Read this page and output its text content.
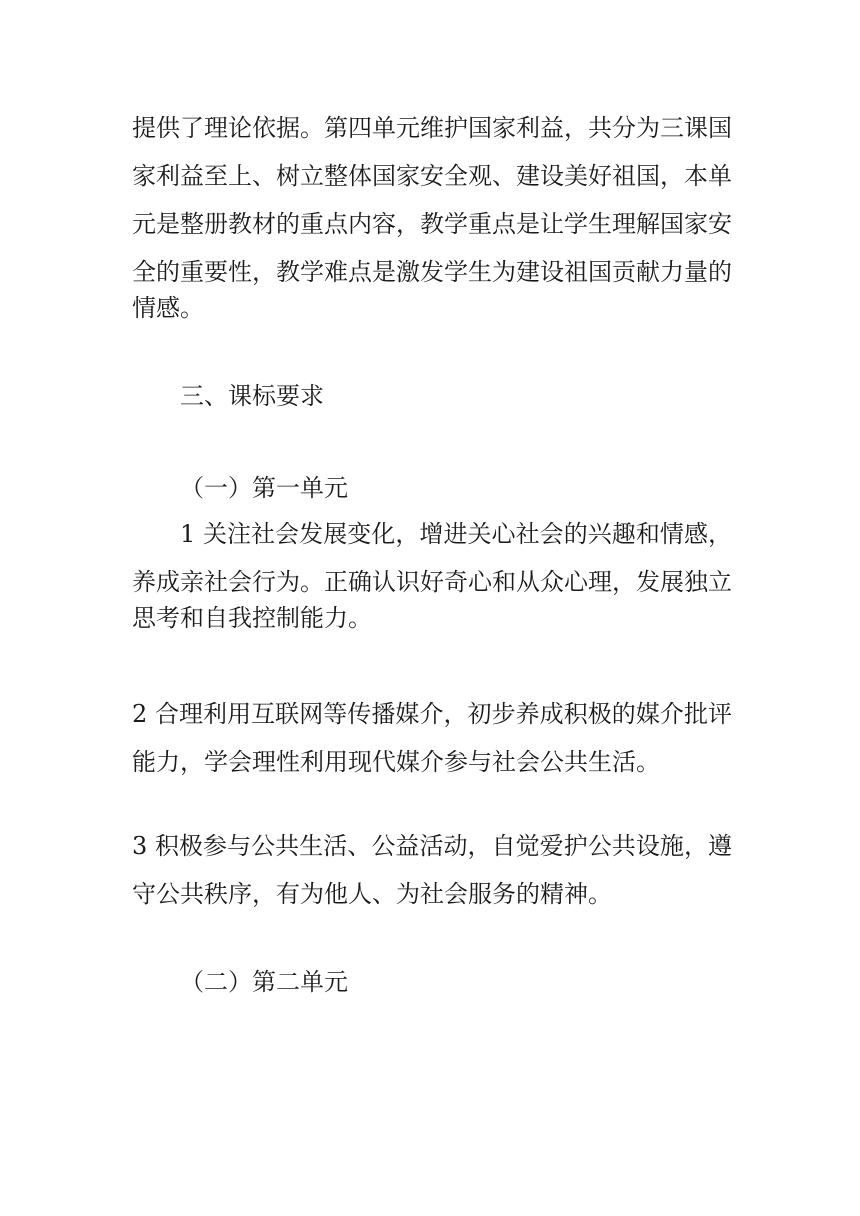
提供了理论依据。第四单元维护国家利益，共分为三课国
家利益至上、树立整体国家安全观、建设美好祖国，本单
元是整册教材的重点内容，教学重点是让学生理解国家安
全的重要性，教学难点是激发学生为建设祖国贡献力量的
情感。
三、课标要求
（一）第一单元
1 关注社会发展变化，增进关心社会的兴趣和情感，
养成亲社会行为。正确认识好奇心和从众心理，发展独立
思考和自我控制能力。
2 合理利用互联网等传播媒介，初步养成积极的媒介批评
能力，学会理性利用现代媒介参与社会公共生活。
3 积极参与公共生活、公益活动，自觉爱护公共设施，遵
守公共秩序，有为他人、为社会服务的精神。
（二）第二单元
